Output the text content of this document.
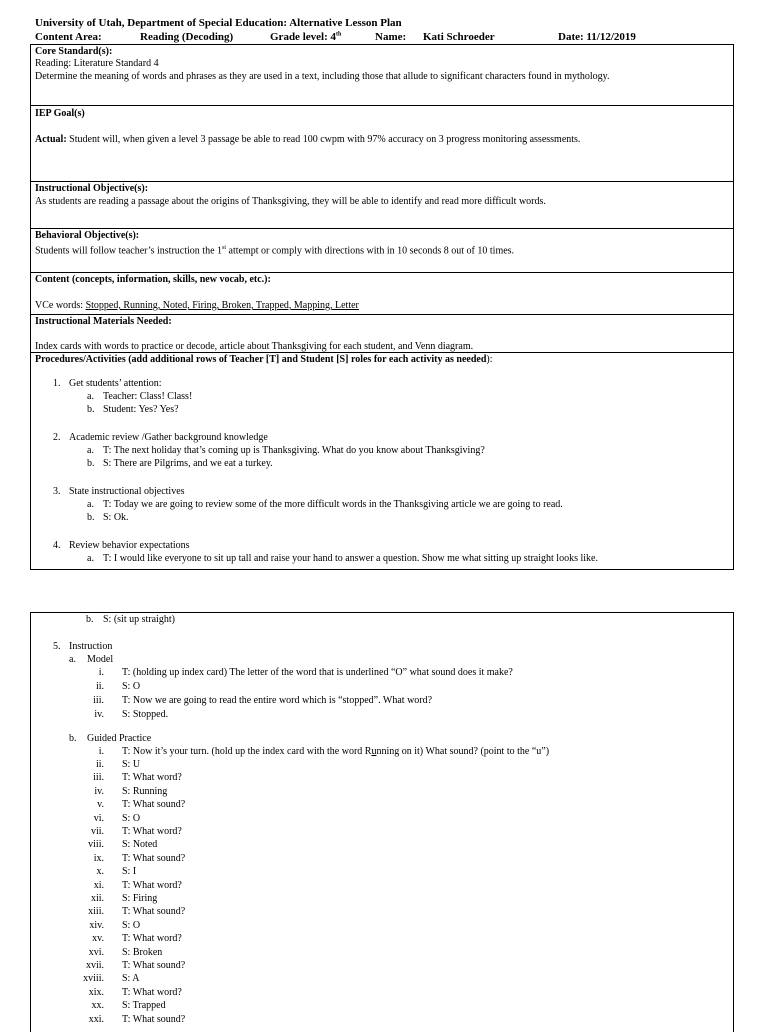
University of Utah, Department of Special Education: Alternative Lesson Plan
Content Area:	Reading (Decoding)	Grade level: 4th	Name: Kati Schroeder	Date: 11/12/2019
Core Standard(s):
Reading: Literature Standard 4
Determine the meaning of words and phrases as they are used in a text, including those that allude to significant characters found in mythology.
IEP Goal(s)
Actual: Student will, when given a level 3 passage be able to read 100 cwpm with 97% accuracy on 3 progress monitoring assessments.
Instructional Objective(s):
As students are reading a passage about the origins of Thanksgiving, they will be able to identify and read more difficult words.
Behavioral Objective(s):
Students will follow teacher’s instruction the 1st attempt or comply with directions with in 10 seconds 8 out of 10 times.
Content (concepts, information, skills, new vocab, etc.):
VCe words: Stopped, Running, Noted, Firing, Broken, Trapped, Mapping, Letter
Instructional Materials Needed:
Index cards with words to practice or decode, article about Thanksgiving for each student, and Venn diagram.
Procedures/Activities (add additional rows of Teacher [T] and Student [S] roles for each activity as needed):
1. Get students’ attention:
a. Teacher: Class! Class!
b. Student: Yes? Yes?
2. Academic review /Gather background knowledge
a. T: The next holiday that’s coming up is Thanksgiving. What do you know about Thanksgiving?
b. S: There are Pilgrims, and we eat a turkey.
3. State instructional objectives
a. T: Today we are going to review some of the more difficult words in the Thanksgiving article we are going to read.
b. S: Ok.
4. Review behavior expectations
a. T: I would like everyone to sit up tall and raise your hand to answer a question. Show me what sitting up straight looks like.
b. S: (sit up straight)
5. Instruction
a. Model
i. T: (holding up index card) The letter of the word that is underlined “O” what sound does it make?
ii. S: O
iii. T: Now we are going to read the entire word which is “stopped”. What word?
iv. S: Stopped.
b. Guided Practice
i. T: Now it’s your turn. (hold up the index card with the word Running on it) What sound? (point to the “u”)
ii. S: U
iii. T: What word?
iv. S: Running
v. T: What sound?
vi. S: O
vii. T: What word?
viii. S: Noted
ix. T: What sound?
x. S: I
xi. T: What word?
xii. S: Firing
xiii. T: What sound?
xiv. S: O
xv. T: What word?
xvi. S: Broken
xvii. T: What sound?
xviii. S: A
xix. T: What word?
xx. S: Trapped
xxi. T: What sound?
